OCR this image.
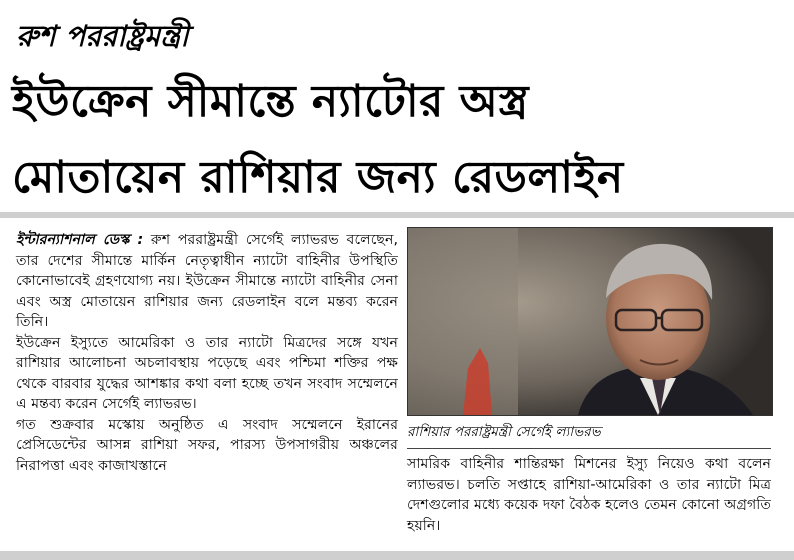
রুশ পররাষ্ট্রমন্ত্রী
ইউক্রেন সীমান্তে ন্যাটোর অস্ত্র
মোতায়েন রাশিয়ার জন্য রেডলাইন

ইন্টারন্যাশনাল ডেস্ক : রুশ পররাষ্ট্রমন্ত্রী সের্গেই ল্যাভরভ বলেছেন, তার দেশের সীমান্তে মার্কিন নেতৃত্বাধীন ন্যাটো বাহিনীর উপস্থিতি কোনোভাবেই গ্রহণযোগ্য নয়। ইউক্রেন সীমান্তে ন্যাটো বাহিনীর সেনা এবং অস্ত্র মোতায়েন রাশিয়ার জন্য রেডলাইন বলে মন্তব্য করেন তিনি।

ইউক্রেন ইস্যুতে আমেরিকা ও তার ন্যাটো মিত্রদের সঙ্গে যখন রাশিয়ার আলোচনা অচলাবস্থায় পড়েছে এবং পশ্চিমা শক্তির পক্ষ থেকে বারবার যুদ্ধের আশঙ্কার কথা বলা হচ্ছে তখন সংবাদ সম্মেলনে এ মন্তব্য করেন সের্গেই ল্যাভরভ।

গত শুক্রবার মস্কোয় অনুষ্ঠিত এ সংবাদ সম্মেলনে ইরানের প্রেসিডেন্টের আসন্ন রাশিয়া সফর, পারস্য উপসাগরীয় অঞ্চলের নিরাপত্তা এবং কাজাখস্তানে

রাশিয়ার পররাষ্ট্রমন্ত্রী সের্গেই ল্যাভরভ

সামরিক বাহিনীর শান্তিরক্ষা মিশনের ইস্যু নিয়েও কথা বলেন ল্যাভরভ। চলতি সপ্তাহে রাশিয়া-আমেরিকা ও তার ন্যাটো মিত্র দেশগুলোর মধ্যে কয়েক দফা বৈঠক হলেও তেমন কোনো অগ্রগতি হয়নি।
